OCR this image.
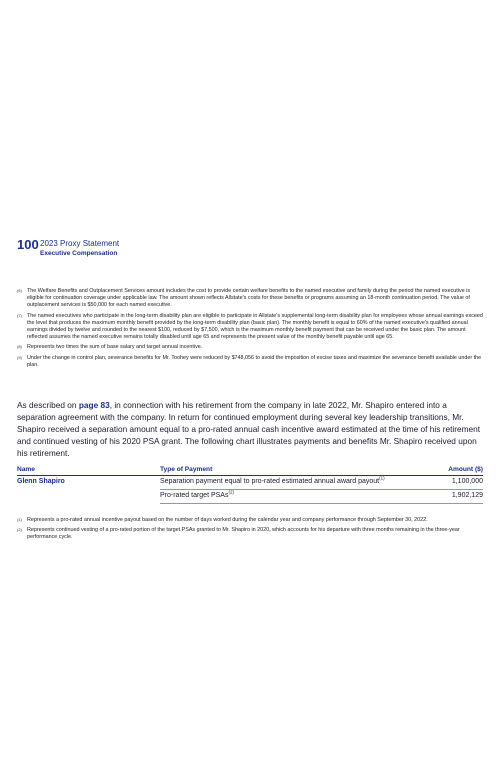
100 2023 Proxy Statement
Executive Compensation
(6) The Welfare Benefits and Outplacement Services amount includes the cost to provide certain welfare benefits to the named executive and family during the period the named executive is eligible for continuation coverage under applicable law. The amount shown reflects Allstate's costs for these benefits or programs assuming an 18-month continuation period. The value of outplacement services is $50,000 for each named executive.
(7) The named executives who participate in the long-term disability plan are eligible to participate in Allstate's supplemental long-term disability plan for employees whose annual earnings exceed the level that produces the maximum monthly benefit provided by the long-term disability plan (basic plan). The monthly benefit is equal to 60% of the named executive's qualified annual earnings divided by twelve and rounded to the nearest $100, reduced by $7,500, which is the maximum monthly benefit payment that can be received under the basic plan. The amount reflected assumes the named executive remains totally disabled until age 65 and represents the present value of the monthly benefit payable until age 65.
(8) Represents two times the sum of base salary and target annual incentive.
(9) Under the change in control plan, severance benefits for Mr. Toohey were reduced by $748,056 to avoid the imposition of excise taxes and maximize the severance benefit available under the plan.
As described on page 83, in connection with his retirement from the company in late 2022, Mr. Shapiro entered into a separation agreement with the company. In return for continued employment during several key leadership transitions, Mr. Shapiro received a separation amount equal to a pro-rated annual cash incentive award estimated at the time of his retirement and continued vesting of his 2020 PSA grant. The following chart illustrates payments and benefits Mr. Shapiro received upon his retirement.
Name	Type of Payment	Amount ($)
Glenn Shapiro	Separation payment equal to pro-rated estimated annual award payout$^{(1)}$	1,100,000
	Pro-rated target PSAs$^{(2)}$	1,902,129
(1) Represents a pro-rated annual incentive payout based on the number of days worked during the calendar year and company performance through September 30, 2022.
(2) Represents continued vesting of a pro-rated portion of the target PSAs granted to Mr. Shapiro in 2020, which accounts for his departure with three months remaining in the three-year performance cycle.
